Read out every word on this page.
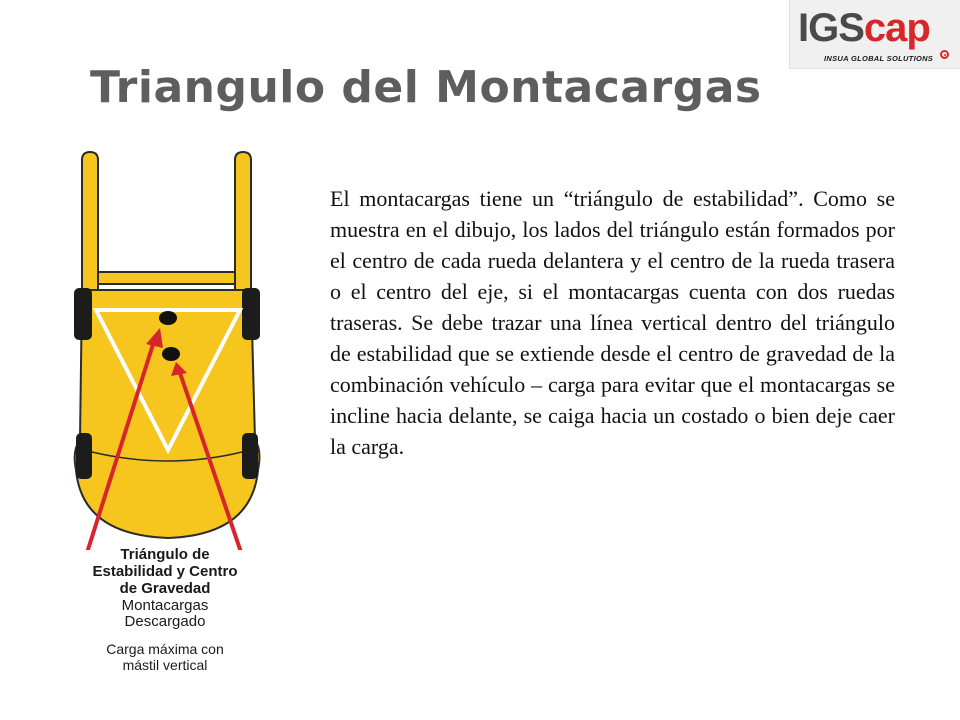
IGScap
INSUA GLOBAL SOLUTIONS
Triangulo del Montacargas
Triángulo de
Estabilidad y Centro
de Gravedad
Montacargas
Descargado
Carga máxima con
mástil vertical

El montacargas tiene un “triángulo de estabilidad”. Como se muestra en el dibujo, los lados del triángulo están formados por el centro de cada rueda delantera y el centro de la rueda trasera o el centro del eje, si el montacargas cuenta con dos ruedas traseras. Se debe trazar una línea vertical dentro del triángulo de estabilidad que se extiende desde el centro de gravedad de la combinación vehículo – carga para evitar que el montacargas se incline hacia delante, se caiga hacia un costado o bien deje caer la carga.
